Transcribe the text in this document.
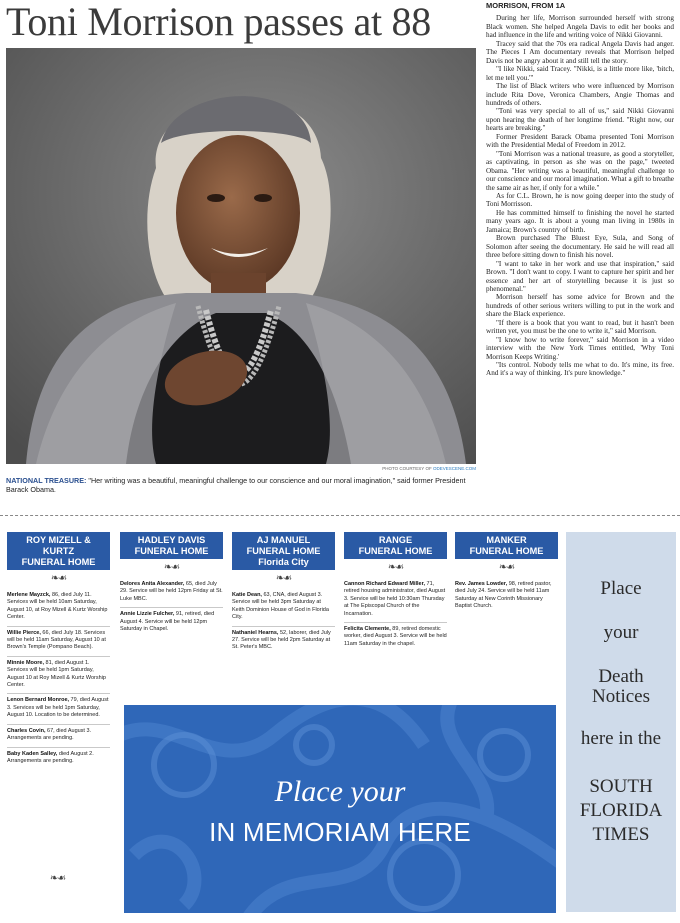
Toni Morrison passes at 88
PHOTO COURTESY OF ODEVESCENE.COM
NATIONAL TREASURE: "Her writing was a beautiful, meaningful challenge to our conscience and our moral imagination," said former President Barack Obama.
MORRISON, FROM 1A

During her life, Morrison surrounded herself with strong Black women. She helped Angela Davis to edit her books and had influence in the life and writing voice of Nikki Giovanni.

Tracey said that the 70s era radical Angela Davis had anger. The Pieces I Am documentary reveals that Morrison helped Davis not be angry about it and still tell the story.

"I like Nikki, said Tracey. "Nikki, is a little more like, 'bitch, let me tell you.'"

The list of Black writers who were influenced by Morrison include Rita Dove, Veronica Chambers, Angie Thomas and hundreds of others.

"Toni was very special to all of us," said Nikki Giovanni upon hearing the death of her longtime friend. "Right now, our hearts are breaking."

Former President Barack Obama presented Toni Morrison with the Presidential Medal of Freedom in 2012.

"Toni Morrison was a national treasure, as good a storyteller, as captivating, in person as she was on the page," tweeted Obama. "Her writing was a beautiful, meaningful challenge to our conscience and our moral imagination. What a gift to breathe the same air as her, if only for a while."

As for C.L. Brown, he is now going deeper into the study of Toni Morrisson.

He has committed himself to finishing the novel he started many years ago. It is about a young man living in 1980s in Jamaica; Brown's country of birth.

Brown purchased The Bluest Eye, Sula, and Song of Solomon after seeing the documentary. He said he will read all three before sitting down to finish his novel.

"I want to take in her work and use that inspiration," said Brown. "I don't want to copy. I want to capture her spirit and her essence and her art of storytelling because it is just so phenomenal."

Morrison herself has some advice for Brown and the hundreds of other serious writers willing to put in the work and share the Black experience.

"If there is a book that you want to read, but it hasn't been written yet, you must be the one to write it," said Morrison.

"I know how to write forever," said Morrison in a video interview with the New York Times entitled, 'Why Toni Morrison Keeps Writing.'

"Its control. Nobody tells me what to do. It's mine, its free. And it's a way of thinking. It's pure knowledge."

ROY MIZELL &
KURTZ
FUNERAL HOME
❧☙
Merlene Mayzck, 86, died July 11. Services will be held 10am Saturday, August 10, at Roy Mizell & Kurtz Worship Center.
Willie Pierce, 66, died July 18. Services will be held 11am Saturday, August 10 at Brown's Temple (Pompano Beach).
Minnie Moore, 81, died August 1. Services will be held 1pm Saturday, August 10 at Roy Mizell & Kurtz Worship Center.
Lenon Bernard Monroe, 79, died August 3. Services will be held 1pm Saturday, August 10. Location to be determined.
Charles Covin, 67, died August 3. Arrangements are pending.
Baby Kaden Salley, died August 2. Arrangements are pending.
HADLEY DAVIS
FUNERAL HOME
❧☙
Delores Anita Alexander, 65, died July 29. Service will be held 12pm Friday at St. Luke MBC.
Annie Lizzie Fulcher, 91, retired, died August 4. Service will be held 12pm Saturday in Chapel.
AJ MANUEL
FUNERAL HOME
Florida City
❧☙
Katie Dean, 63, CNA, died August 3. Service will be held 3pm Saturday at Keith Dominion House of God in Florida City.
Nathaniel Hearns, 52, laborer, died July 27. Service will be held 2pm Saturday at St. Peter's MBC.
RANGE
FUNERAL HOME
❧☙
Cannon Richard Edward Miller, 71, retired housing administrator, died August 3. Service will be held 10:30am Thursday at The Episcopal Church of the Incarnation.
Felicita Clemente, 89, retired domestic worker, died August 3. Service will be held 11am Saturday in the chapel.
MANKER
FUNERAL HOME
❧☙
Rev. James Lowder, 98, retired pastor, died July 24. Service will be held 11am Saturday at New Corinth Missionary Baptist Church.
Place your
IN MEMORIAM HERE
❧☙
Place
your
Death
Notices
here in the
SOUTH
FLORIDA
TIMES
